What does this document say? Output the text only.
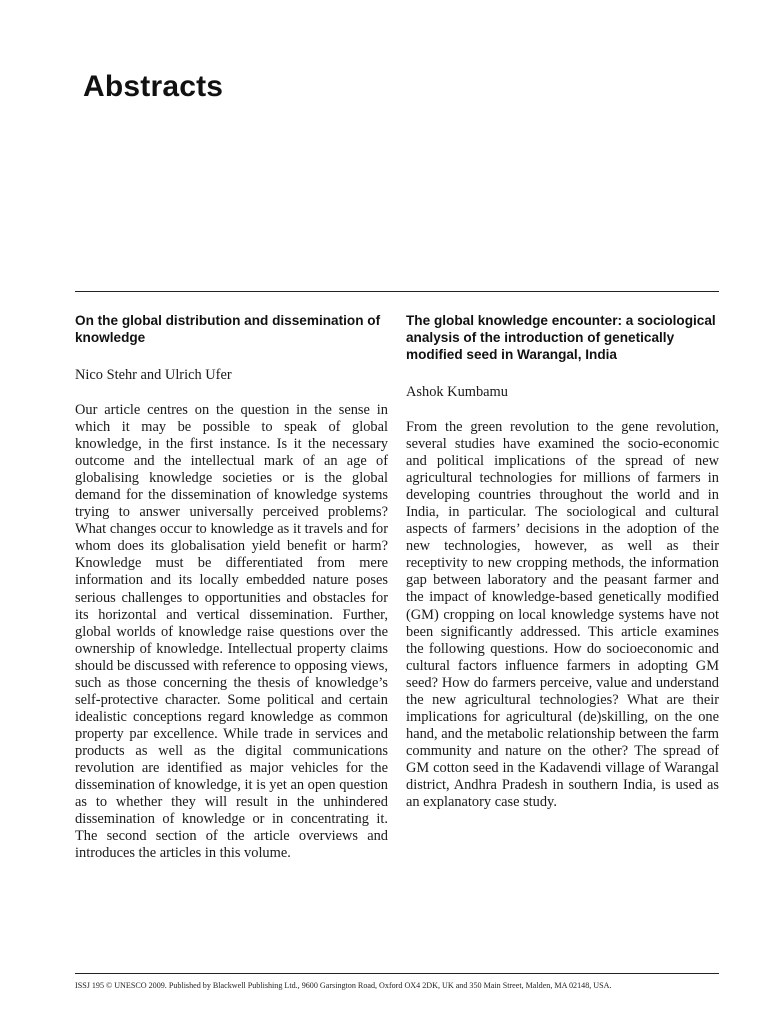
Abstracts
On the global distribution and dissemination of knowledge

Nico Stehr and Ulrich Ufer

Our article centres on the question in the sense in which it may be possible to speak of global knowledge, in the first instance. Is it the necessary outcome and the intellectual mark of an age of globalising knowledge societies or is the global demand for the dissemination of knowledge systems trying to answer universally perceived problems? What changes occur to knowledge as it travels and for whom does its globalisation yield benefit or harm? Knowledge must be differentiated from mere information and its locally embedded nature poses serious challenges to opportunities and obstacles for its horizontal and vertical dissemination. Further, global worlds of knowledge raise questions over the ownership of knowledge. Intellectual property claims should be discussed with reference to opposing views, such as those concerning the thesis of knowledge’s self-protective character. Some political and certain idealistic conceptions regard knowledge as common property par excellence. While trade in services and products as well as the digital communications revolution are identified as major vehicles for the dissemination of knowledge, it is yet an open question as to whether they will result in the unhindered dissemination of knowledge or in concentrating it. The second section of the article overviews and introduces the articles in this volume.

The global knowledge encounter: a sociological analysis of the introduction of genetically modified seed in Warangal, India

Ashok Kumbamu

From the green revolution to the gene revolution, several studies have examined the socio-economic and political implications of the spread of new agricultural technologies for millions of farmers in developing countries throughout the world and in India, in particular. The sociological and cultural aspects of farmers’ decisions in the adoption of the new technologies, however, as well as their receptivity to new cropping methods, the information gap between laboratory and the peasant farmer and the impact of knowledge-based genetically modified (GM) cropping on local knowledge systems have not been significantly addressed. This article examines the following questions. How do socioeconomic and cultural factors influence farmers in adopting GM seed? How do farmers perceive, value and understand the new agricultural technologies? What are their implications for agricultural (de)skilling, on the one hand, and the metabolic relationship between the farm community and nature on the other? The spread of GM cotton seed in the Kadavendi village of Warangal district, Andhra Pradesh in southern India, is used as an explanatory case study.

ISSJ 195 © UNESCO 2009. Published by Blackwell Publishing Ltd., 9600 Garsington Road, Oxford OX4 2DK, UK and 350 Main Street, Malden, MA 02148, USA.
